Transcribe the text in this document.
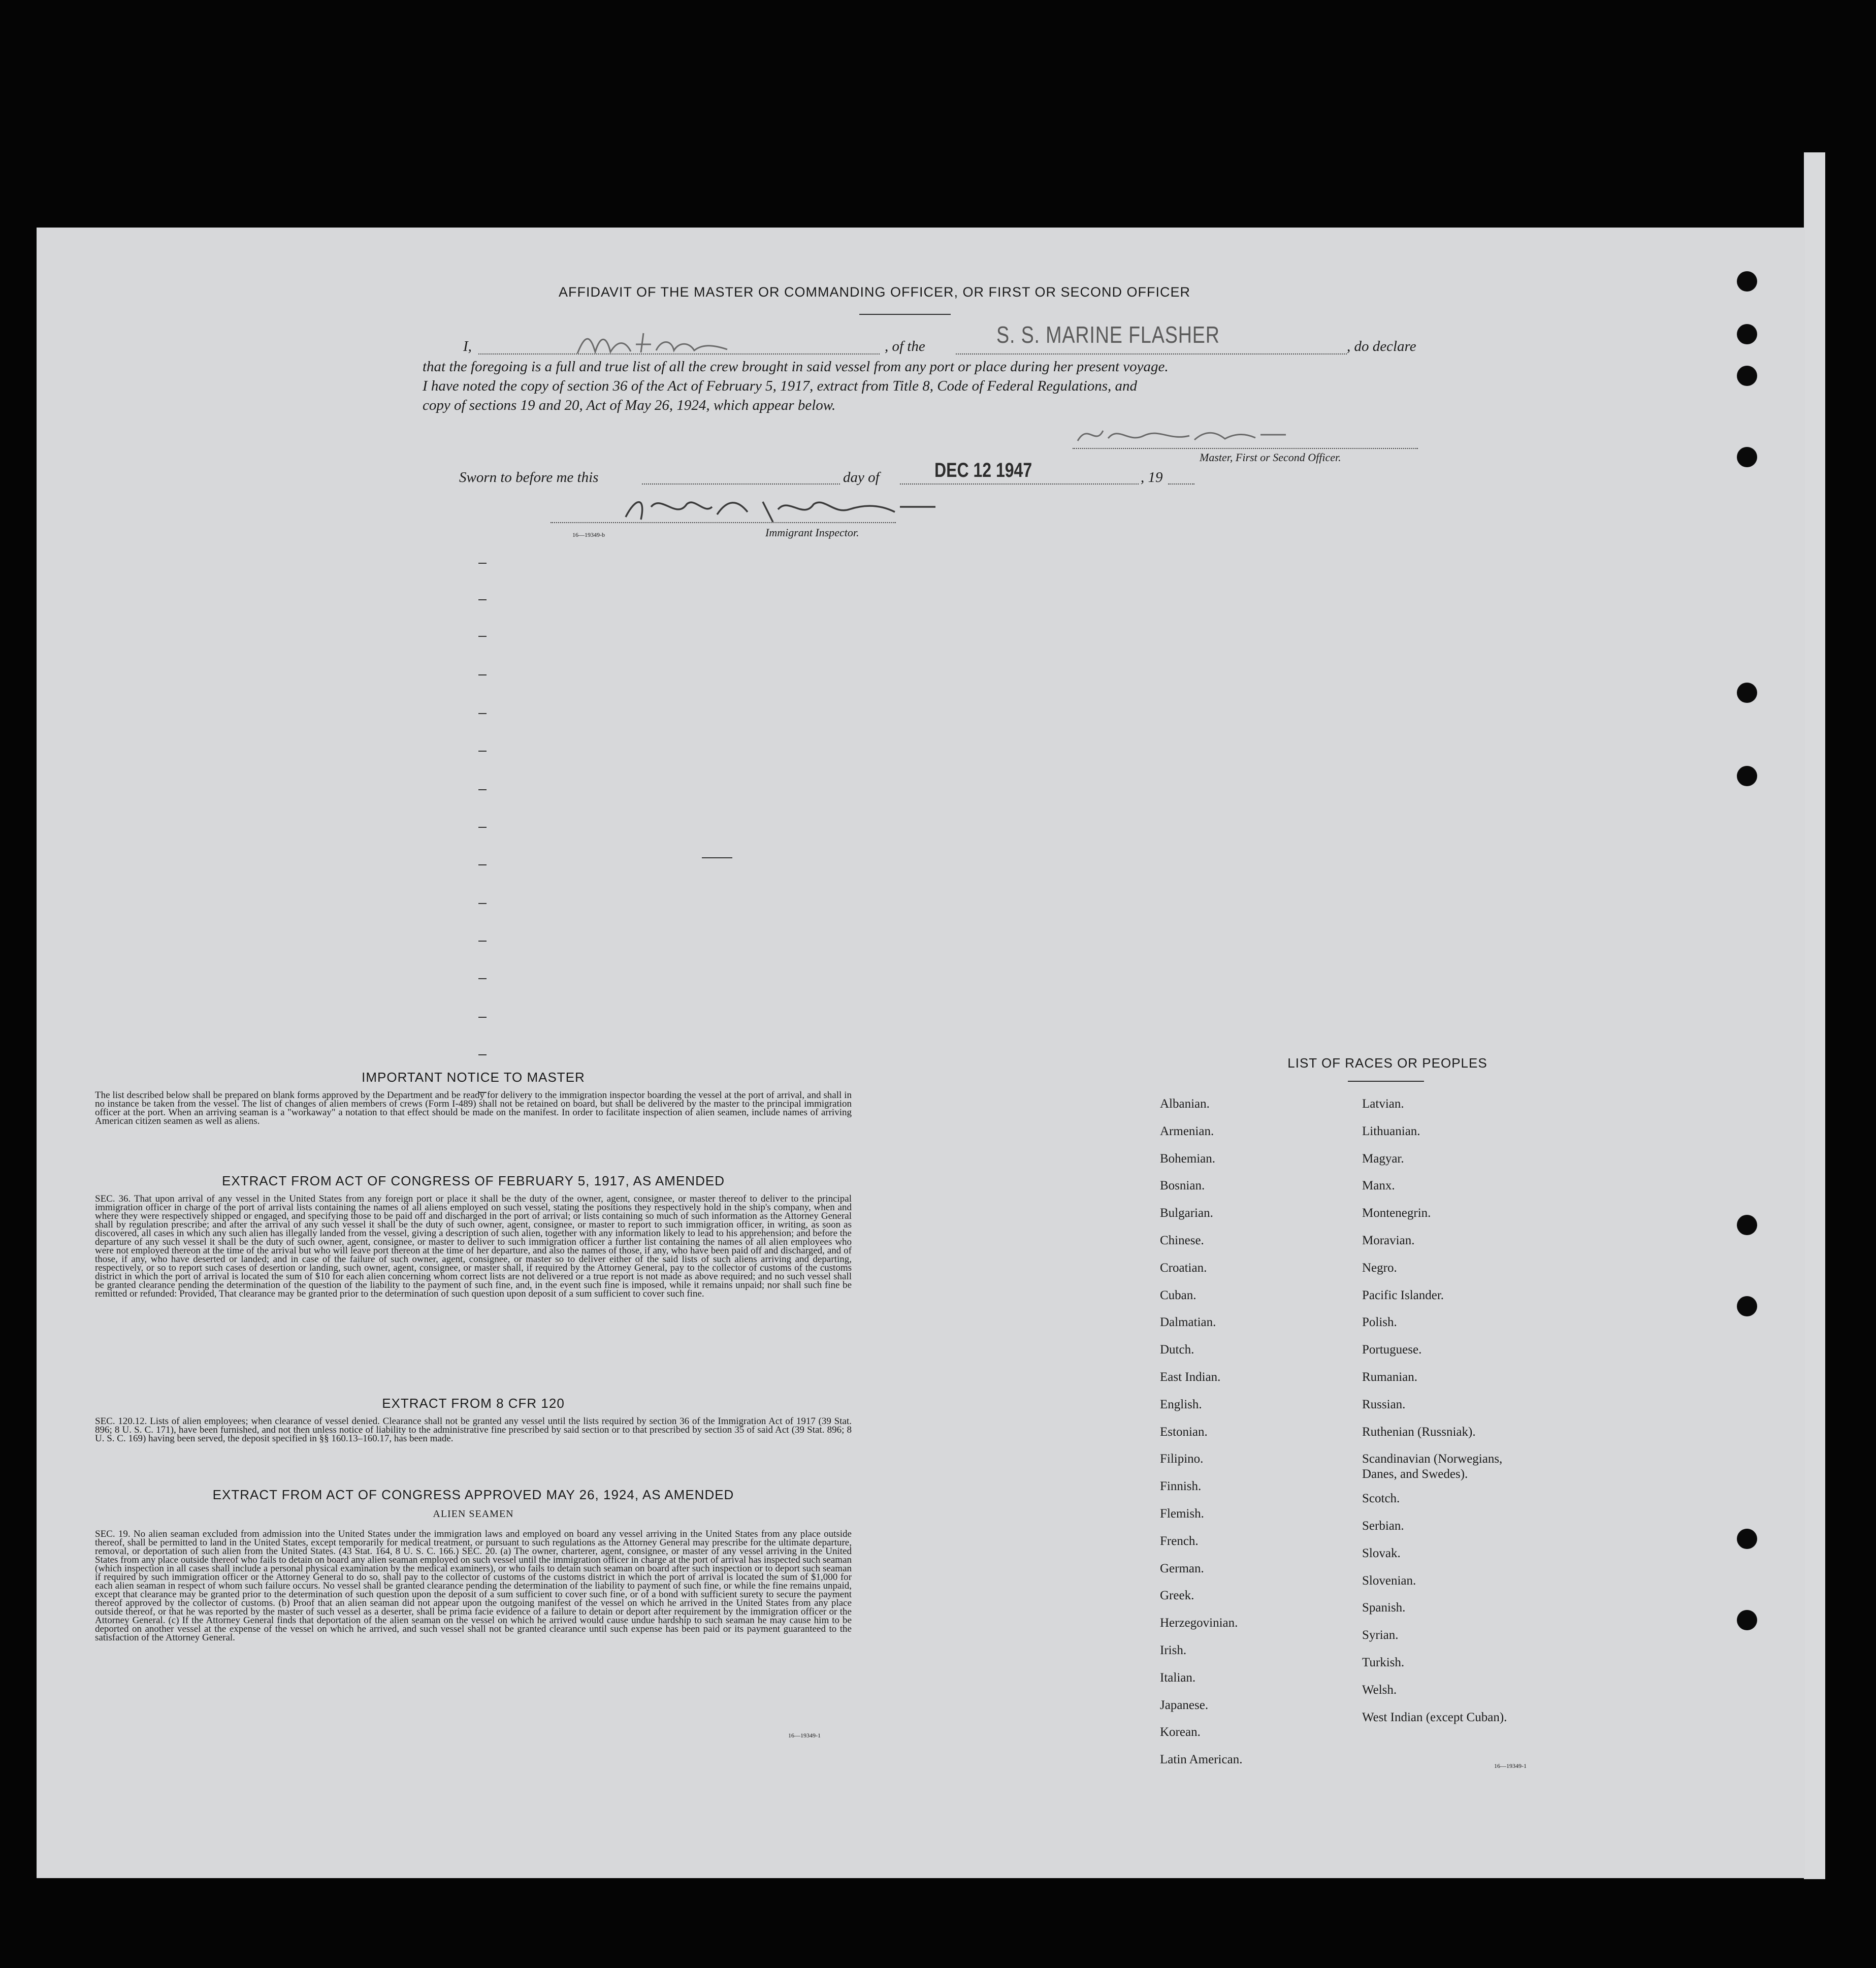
AFFIDAVIT OF THE MASTER OR COMMANDING OFFICER, OR FIRST OR SECOND OFFICER
I,	, of the	S. S. MARINE FLASHER	, do declare
that the foregoing is a full and true list of all the crew brought in said vessel from any port or place during her present voyage.
I have noted the copy of section 36 of the Act of February 5, 1917, extract from Title 8, Code of Federal Regulations, and
copy of sections 19 and 20, Act of May 26, 1924, which appear below.
Master, First or Second Officer.
Sworn to before me this	day of	DEC 12 1947	, 19
16—19349-b	Immigrant Inspector.
IMPORTANT NOTICE TO MASTER
The list described below shall be prepared on blank forms approved by the Department and be ready for delivery to the immigration inspector boarding the vessel at the port of arrival, and shall in no instance be taken from the vessel. The list of changes of alien members of crews (Form I-489) shall not be retained on board, but shall be delivered by the master to the principal immigration officer at the port. When an arriving seaman is a "workaway" a notation to that effect should be made on the manifest. In order to facilitate inspection of alien seamen, include names of arriving American citizen seamen as well as aliens.
EXTRACT FROM ACT OF CONGRESS OF FEBRUARY 5, 1917, AS AMENDED
SEC. 36. That upon arrival of any vessel in the United States from any foreign port or place it shall be the duty of the owner, agent, consignee, or master thereof to deliver to the principal immigration officer in charge of the port of arrival lists containing the names of all aliens employed on such vessel, stating the positions they respectively hold in the ship's company, when and where they were respectively shipped or engaged, and specifying those to be paid off and discharged in the port of arrival; or lists containing so much of such information as the Attorney General shall by regulation prescribe; and after the arrival of any such vessel it shall be the duty of such owner, agent, consignee, or master to report to such immigration officer, in writing, as soon as discovered, all cases in which any such alien has illegally landed from the vessel, giving a description of such alien, together with any information likely to lead to his apprehension; and before the departure of any such vessel it shall be the duty of such owner, agent, consignee, or master to deliver to such immigration officer a further list containing the names of all alien employees who were not employed thereon at the time of the arrival but who will leave port thereon at the time of her departure, and also the names of those, if any, who have been paid off and discharged, and of those, if any, who have deserted or landed; and in case of the failure of such owner, agent, consignee, or master so to deliver either of the said lists of such aliens arriving and departing, respectively, or so to report such cases of desertion or landing, such owner, agent, consignee, or master shall, if required by the Attorney General, pay to the collector of customs of the customs district in which the port of arrival is located the sum of $10 for each alien concerning whom correct lists are not delivered or a true report is not made as above required; and no such vessel shall be granted clearance pending the determination of the question of the liability to the payment of such fine, and, in the event such fine is imposed, while it remains unpaid; nor shall such fine be remitted or refunded: Provided, That clearance may be granted prior to the determination of such question upon deposit of a sum sufficient to cover such fine.
EXTRACT FROM 8 CFR 120
SEC. 120.12. Lists of alien employees; when clearance of vessel denied. Clearance shall not be granted any vessel until the lists required by section 36 of the Immigration Act of 1917 (39 Stat. 896; 8 U. S. C. 171), have been furnished, and not then unless notice of liability to the administrative fine prescribed by said section or to that prescribed by section 35 of said Act (39 Stat. 896; 8 U. S. C. 169) having been served, the deposit specified in §§ 160.13–160.17, has been made.
EXTRACT FROM ACT OF CONGRESS APPROVED MAY 26, 1924, AS AMENDED
ALIEN SEAMEN
SEC. 19. No alien seaman excluded from admission into the United States under the immigration laws and employed on board any vessel arriving in the United States from any place outside thereof, shall be permitted to land in the United States, except temporarily for medical treatment, or pursuant to such regulations as the Attorney General may prescribe for the ultimate departure, removal, or deportation of such alien from the United States. (43 Stat. 164, 8 U. S. C. 166.) SEC. 20. (a) The owner, charterer, agent, consignee, or master of any vessel arriving in the United States from any place outside thereof who fails to detain on board any alien seaman employed on such vessel until the immigration officer in charge at the port of arrival has inspected such seaman (which inspection in all cases shall include a personal physical examination by the medical examiners), or who fails to detain such seaman on board after such inspection or to deport such seaman if required by such immigration officer or the Attorney General to do so, shall pay to the collector of customs of the customs district in which the port of arrival is located the sum of $1,000 for each alien seaman in respect of whom such failure occurs. No vessel shall be granted clearance pending the determination of the liability to payment of such fine, or while the fine remains unpaid, except that clearance may be granted prior to the determination of such question upon the deposit of a sum sufficient to cover such fine, or of a bond with sufficient surety to secure the payment thereof approved by the collector of customs. (b) Proof that an alien seaman did not appear upon the outgoing manifest of the vessel on which he arrived in the United States from any place outside thereof, or that he was reported by the master of such vessel as a deserter, shall be prima facie evidence of a failure to detain or deport after requirement by the immigration officer or the Attorney General. (c) If the Attorney General finds that deportation of the alien seaman on the vessel on which he arrived would cause undue hardship to such seaman he may cause him to be deported on another vessel at the expense of the vessel on which he arrived, and such vessel shall not be granted clearance until such expense has been paid or its payment guaranteed to the satisfaction of the Attorney General.
16—19349-1
LIST OF RACES OR PEOPLES
Albanian.
Armenian.
Bohemian.
Bosnian.
Bulgarian.
Chinese.
Croatian.
Cuban.
Dalmatian.
Dutch.
East Indian.
English.
Estonian.
Filipino.
Finnish.
Flemish.
French.
German.
Greek.
Herzegovinian.
Irish.
Italian.
Japanese.
Korean.
Latin American.
Latvian.
Lithuanian.
Magyar.
Manx.
Montenegrin.
Moravian.
Negro.
Pacific Islander.
Polish.
Portuguese.
Rumanian.
Russian.
Ruthenian (Russniak).
Scandinavian (Norwegians,
Danes, and Swedes).
Scotch.
Serbian.
Slovak.
Slovenian.
Spanish.
Syrian.
Turkish.
Welsh.
West Indian (except Cuban).
16—19349-1
